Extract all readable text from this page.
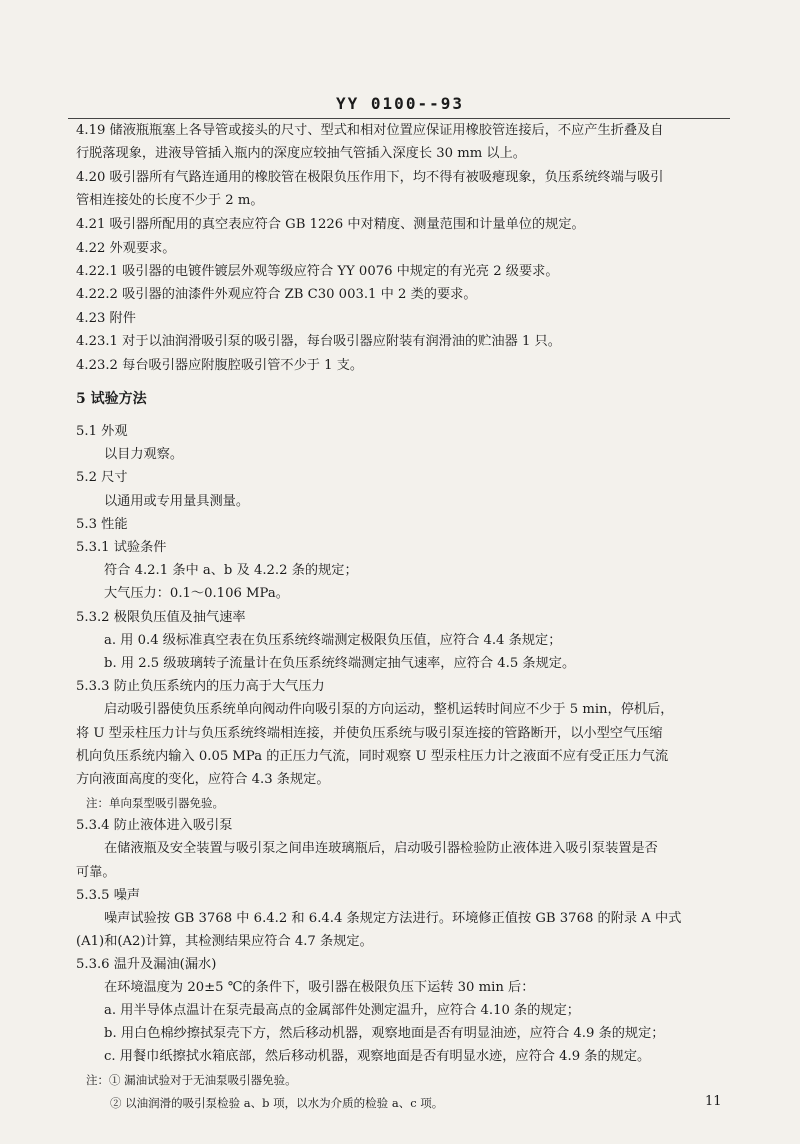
YY 0100--93
4.19 储液瓶瓶塞上各导管或接头的尺寸、型式和相对位置应保证用橡胶管连接后，不应产生折叠及自
行脱落现象，进液导管插入瓶内的深度应较抽气管插入深度长 30 mm 以上。
4.20 吸引器所有气路连通用的橡胶管在极限负压作用下，均不得有被吸瘪现象，负压系统终端与吸引
管相连接处的长度不少于 2 m。
4.21 吸引器所配用的真空表应符合 GB 1226 中对精度、测量范围和计量单位的规定。
4.22 外观要求。
4.22.1 吸引器的电镀件镀层外观等级应符合 YY 0076 中规定的有光亮 2 级要求。
4.22.2 吸引器的油漆件外观应符合 ZB C30 003.1 中 2 类的要求。
4.23 附件
4.23.1 对于以油润滑吸引泵的吸引器，每台吸引器应附装有润滑油的贮油器 1 只。
4.23.2 每台吸引器应附腹腔吸引管不少于 1 支。
5 试验方法
5.1 外观
以目力观察。
5.2 尺寸
以通用或专用量具测量。
5.3 性能
5.3.1 试验条件
符合 4.2.1 条中 a、b 及 4.2.2 条的规定；
大气压力：0.1～0.106 MPa。
5.3.2 极限负压值及抽气速率
a. 用 0.4 级标准真空表在负压系统终端测定极限负压值，应符合 4.4 条规定；
b. 用 2.5 级玻璃转子流量计在负压系统终端测定抽气速率，应符合 4.5 条规定。
5.3.3 防止负压系统内的压力高于大气压力
启动吸引器使负压系统单向阀动件向吸引泵的方向运动，整机运转时间应不少于 5 min，停机后，
将 U 型汞柱压力计与负压系统终端相连接，并使负压系统与吸引泵连接的管路断开，以小型空气压缩
机向负压系统内输入 0.05 MPa 的正压力气流，同时观察 U 型汞柱压力计之液面不应有受正压力气流
方向液面高度的变化，应符合 4.3 条规定。
注：单向泵型吸引器免验。
5.3.4 防止液体进入吸引泵
在储液瓶及安全装置与吸引泵之间串连玻璃瓶后，启动吸引器检验防止液体进入吸引泵装置是否
可靠。
5.3.5 噪声
噪声试验按 GB 3768 中 6.4.2 和 6.4.4 条规定方法进行。环境修正值按 GB 3768 的附录 A 中式
(A1)和(A2)计算，其检测结果应符合 4.7 条规定。
5.3.6 温升及漏油(漏水)
在环境温度为 20±5 ℃的条件下，吸引器在极限负压下运转 30 min 后：
a. 用半导体点温计在泵壳最高点的金属部件处测定温升，应符合 4.10 条的规定；
b. 用白色棉纱擦拭泵壳下方，然后移动机器，观察地面是否有明显油迹，应符合 4.9 条的规定；
c. 用餐巾纸擦拭水箱底部，然后移动机器，观察地面是否有明显水迹，应符合 4.9 条的规定。
注：① 漏油试验对于无油泵吸引器免验。
② 以油润滑的吸引泵检验 a、b 项，以水为介质的检验 a、c 项。	11
